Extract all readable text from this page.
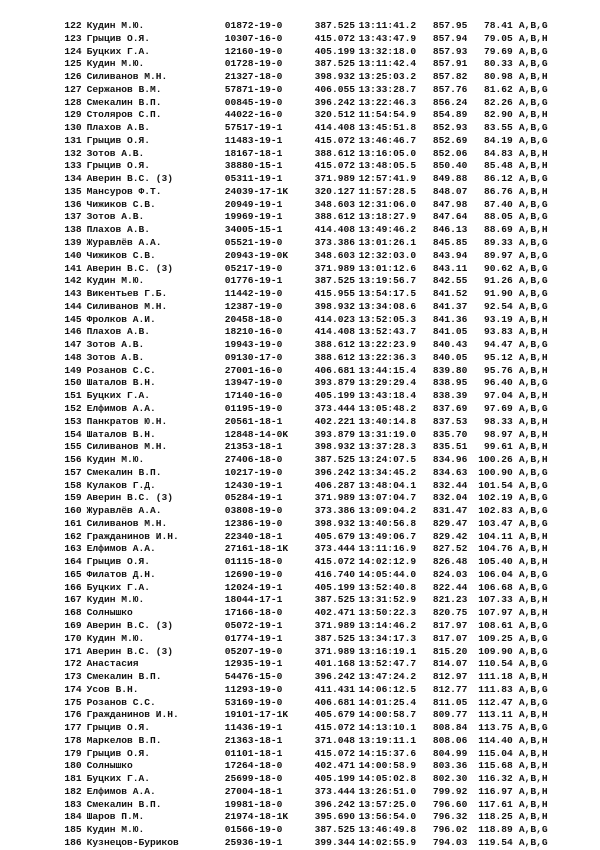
122 Кудин М.Ю.	01872-19-0	387.525 13:11:41.2	857.95	78.41 A,B,G
123 Грыцив О.Я.	10307-16-0	415.072 13:43:47.9	857.94	79.05 A,B,H
124 Буцких Г.А.	12160-19-0	405.199 13:32:18.0	857.93	79.69 A,B,G
125 Кудин М.Ю.	01728-19-0	387.525 13:11:42.4	857.91	80.33 A,B,G
126 Силиванов М.Н.	21327-18-0	398.932 13:25:03.2	857.82	80.98 A,B,H
127 Сержанов В.М.	57871-19-0	406.055 13:33:28.7	857.76	81.62 A,B,G
128 Смекалин В.П.	00845-19-0	396.242 13:22:46.3	856.24	82.26 A,B,G
129 Столяров С.П.	44022-16-0	320.512 11:54:54.9	854.89	82.90 A,B,H
130 Плахов А.В.	57517-19-1	414.408 13:45:51.8	852.93	83.55 A,B,G
131 Грыцив О.Я.	11483-19-1	415.072 13:46:46.7	852.69	84.19 A,B,G
132 Зотов А.В.	18167-18-1	388.612 13:16:05.0	852.06	84.83 A,B,H
133 Грыцив О.Я.	38880-15-1	415.072 13:48:05.5	850.40	85.48 A,B,H
134 Аверин В.С. (3)	05311-19-1	371.989 12:57:41.9	849.88	86.12 A,B,G
135 Мансуров Ф.Т.	24039-17-1K	320.127 11:57:28.5	848.07	86.76 A,B,H
136 Чижиков С.В.	20949-19-1	348.603 12:31:06.0	847.98	87.40 A,B,G
137 Зотов А.В.	19969-19-1	388.612 13:18:27.9	847.64	88.05 A,B,G
138 Плахов А.В.	34005-15-1	414.408 13:49:46.2	846.13	88.69 A,B,H
139 Журавлёв А.А.	05521-19-0	373.386 13:01:26.1	845.85	89.33 A,B,G
140 Чижиков С.В.	20943-19-0K	348.603 12:32:03.0	843.94	89.97 A,B,G
141 Аверин В.С. (3)	05217-19-0	371.989 13:01:12.6	843.11	90.62 A,B,G
142 Кудин М.Ю.	01776-19-1	387.525 13:19:56.7	842.55	91.26 A,B,G
143 Викентьев Г.Б.	11442-19-0	415.955 13:54:17.5	841.52	91.90 A,B,G
144 Силиванов М.Н.	12387-19-0	398.932 13:34:08.6	841.37	92.54 A,B,G
145 Фролков А.И.	20458-18-0	414.023 13:52:05.3	841.36	93.19 A,B,H
146 Плахов А.В.	18210-16-0	414.408 13:52:43.7	841.05	93.83 A,B,H
147 Зотов А.В.	19943-19-0	388.612 13:22:23.9	840.43	94.47 A,B,G
148 Зотов А.В.	09130-17-0	388.612 13:22:36.3	840.05	95.12 A,B,H
149 Розанов С.С.	27001-16-0	406.681 13:44:15.4	839.80	95.76 A,B,H
150 Шаталов В.Н.	13947-19-0	393.879 13:29:29.4	838.95	96.40 A,B,G
151 Буцких Г.А.	17140-16-0	405.199 13:43:18.4	838.39	97.04 A,B,H
152 Елфимов А.А.	01195-19-0	373.444 13:05:48.2	837.69	97.69 A,B,G
153 Панкратов Ю.Н.	20561-18-1	402.221 13:40:14.8	837.53	98.33 A,B,H
154 Шаталов В.Н.	12848-14-0K	393.879 13:31:19.0	835.70	98.97 A,B,H
155 Силиванов М.Н.	21353-18-1	398.932 13:37:28.3	835.51	99.61 A,B,H
156 Кудин М.Ю.	27406-18-0	387.525 13:24:07.5	834.96	100.26 A,B,H
157 Смекалин В.П.	10217-19-0	396.242 13:34:45.2	834.63	100.90 A,B,G
158 Кулаков Г.Д.	12430-19-1	406.287 13:48:04.1	832.44	101.54 A,B,G
159 Аверин В.С. (3)	05284-19-1	371.989 13:07:04.7	832.04	102.19 A,B,G
160 Журавлёв А.А.	03808-19-0	373.386 13:09:04.2	831.47	102.83 A,B,G
161 Силиванов М.Н.	12386-19-0	398.932 13:40:56.8	829.47	103.47 A,B,G
162 Гражданинов И.Н.	22340-18-1	405.679 13:49:06.7	829.42	104.11 A,B,H
163 Елфимов А.А.	27161-18-1K	373.444 13:11:16.9	827.52	104.76 A,B,H
164 Грыцив О.Я.	01115-18-0	415.072 14:02:12.9	826.48	105.40 A,B,H
165 Филатов Д.Н.	12690-19-0	416.740 14:05:44.0	824.03	106.04 A,B,G
166 Буцких Г.А.	12024-19-1	405.199 13:52:40.8	822.44	106.68 A,B,G
167 Кудин М.Ю.	18044-17-1	387.525 13:31:52.9	821.23	107.33 A,B,H
168 Солнышко	17166-18-0	402.471 13:50:22.3	820.75	107.97 A,B,H
169 Аверин В.С. (3)	05072-19-1	371.989 13:14:46.2	817.97	108.61 A,B,G
170 Кудин М.Ю.	01774-19-1	387.525 13:34:17.3	817.07	109.25 A,B,G
171 Аверин В.С. (3)	05207-19-0	371.989 13:16:19.1	815.20	109.90 A,B,G
172 Анастасия	12935-19-1	401.168 13:52:47.7	814.07	110.54 A,B,G
173 Смекалин В.П.	54476-15-0	396.242 13:47:24.2	812.97	111.18 A,B,H
174 Усов В.Н.	11293-19-0	411.431 14:06:12.5	812.77	111.83 A,B,G
175 Розанов С.С.	53169-19-0	406.681 14:01:25.4	811.05	112.47 A,B,G
176 Гражданинов И.Н.	19101-17-1K	405.679 14:00:58.7	809.77	113.11 A,B,H
177 Грыцив О.Я.	11436-19-1	415.072 14:13:10.1	808.84	113.75 A,B,G
178 Маркелов В.П.	21363-18-1	371.048 13:19:11.1	808.06	114.40 A,B,H
179 Грыцив О.Я.	01101-18-1	415.072 14:15:37.6	804.99	115.04 A,B,H
180 Солнышко	17264-18-0	402.471 14:00:58.9	803.36	115.68 A,B,H
181 Буцких Г.А.	25699-18-0	405.199 14:05:02.8	802.30	116.32 A,B,H
182 Елфимов А.А.	27004-18-1	373.444 13:26:51.0	799.92	116.97 A,B,H
183 Смекалин В.П.	19981-18-0	396.242 13:57:25.0	796.60	117.61 A,B,H
184 Шаров П.М.	21974-18-1K	395.690 13:56:54.0	796.32	118.25 A,B,H
185 Кудин М.Ю.	01566-19-0	387.525 13:46:49.8	796.02	118.89 A,B,G
186 Кузнецов-Буриков	25936-19-1	399.344 14:02:55.9	794.03	119.54 A,B,G
